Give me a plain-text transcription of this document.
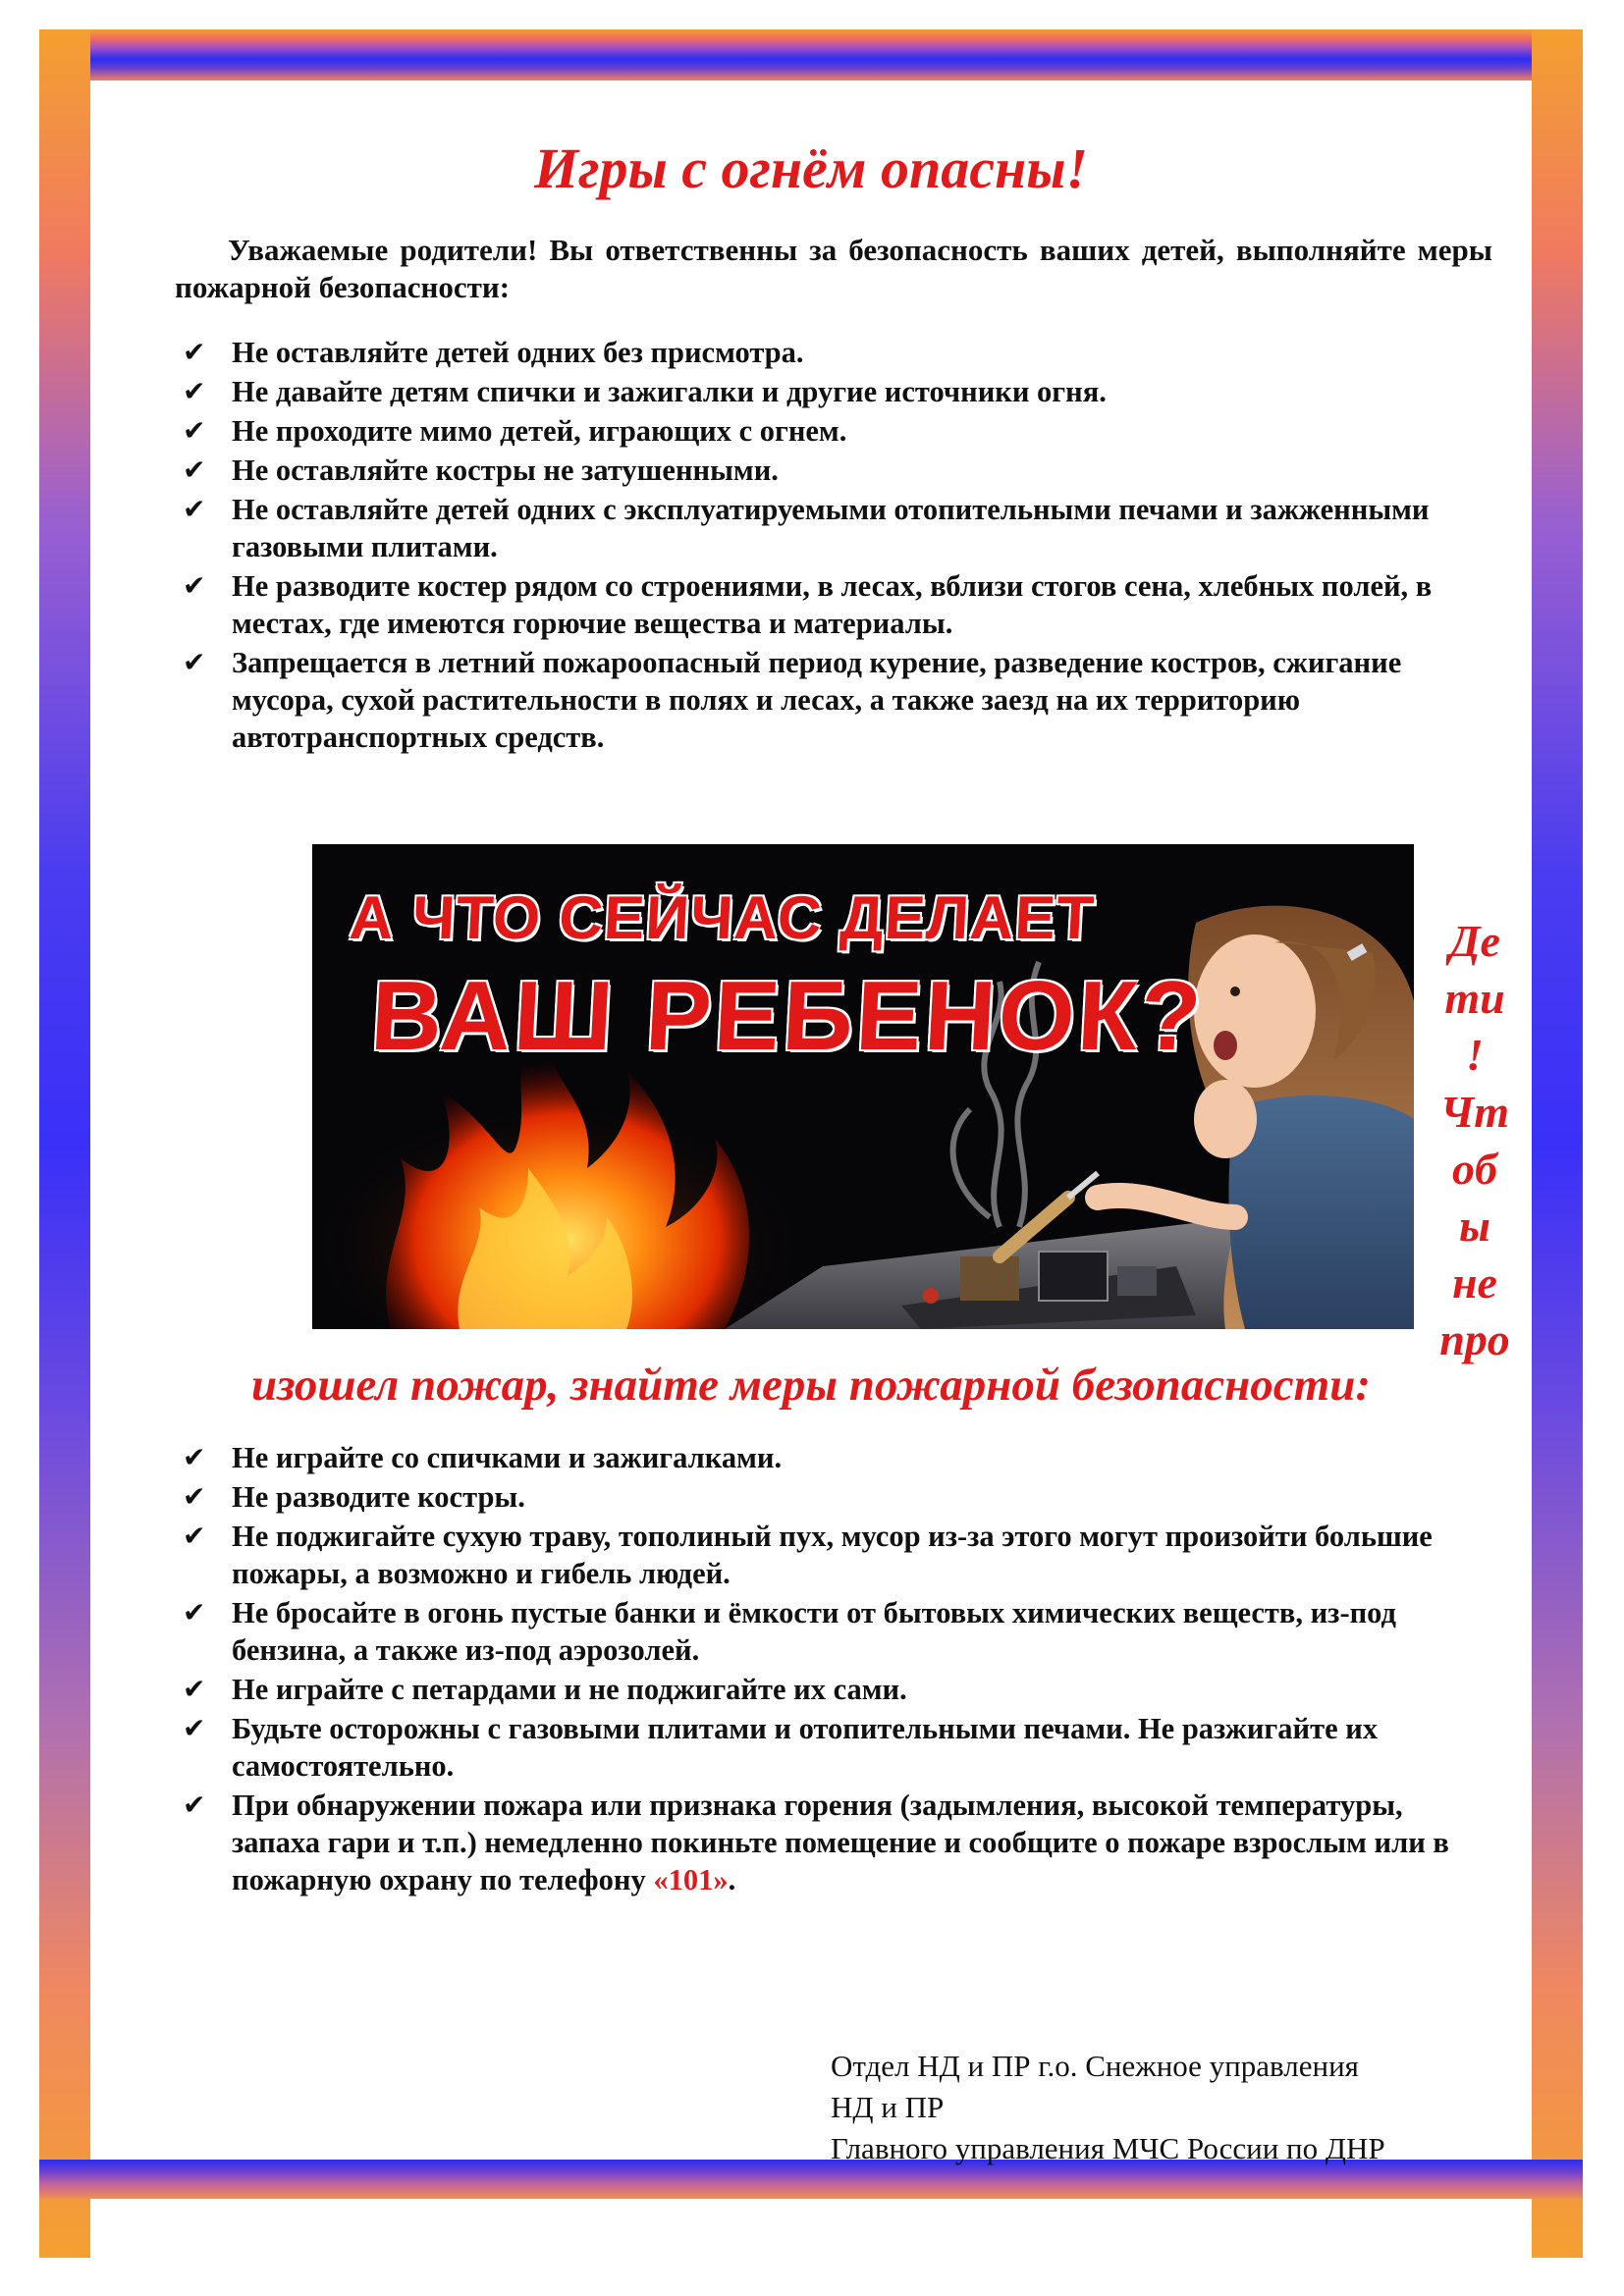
Игры с огнём опасны!

Уважаемые родители! Вы ответственны за безопасность ваших детей, выполняйте меры пожарной безопасности:

✔ Не оставляйте детей одних без присмотра.
✔ Не давайте детям спички и зажигалки и другие источники огня.
✔ Не проходите мимо детей, играющих с огнем.
✔ Не оставляйте костры не затушенными.
✔ Не оставляйте детей одних с эксплуатируемыми отопительными печами и зажженными газовыми плитами.
✔ Не разводите костер рядом со строениями, в лесах, вблизи стогов сена, хлебных полей, в местах, где имеются горючие вещества и материалы.
✔ Запрещается в летний пожароопасный период курение, разведение костров, сжигание мусора, сухой растительности в полях и лесах, а также заезд на их территорию автотранспортных средств.
А ЧТО СЕЙЧАС ДЕЛАЕТ
ВАШ РЕБЕНОК?
Де
ти
!
Чт
об
ы
не
про

изошел пожар, знайте меры пожарной безопасности:

✔ Не играйте со спичками и зажигалками.
✔ Не разводите костры.
✔ Не поджигайте сухую траву, тополиный пух, мусор из-за этого могут произойти большие пожары, а возможно и гибель людей.
✔ Не бросайте в огонь пустые банки и ёмкости от бытовых химических веществ, из-под бензина, а также из-под аэрозолей.
✔ Не играйте с петардами и не поджигайте их сами.
✔ Будьте осторожны с газовыми плитами и отопительными печами. Не разжигайте их самостоятельно.
✔ При обнаружении пожара или признака горения (задымления, высокой температуры, запаха гари и т.п.) немедленно покиньте помещение и сообщите о пожаре взрослым или в пожарную охрану по телефону «101».
Отдел НД и ПР г.о. Снежное управления
НД и ПР
Главного управления МЧС России по ДНР
